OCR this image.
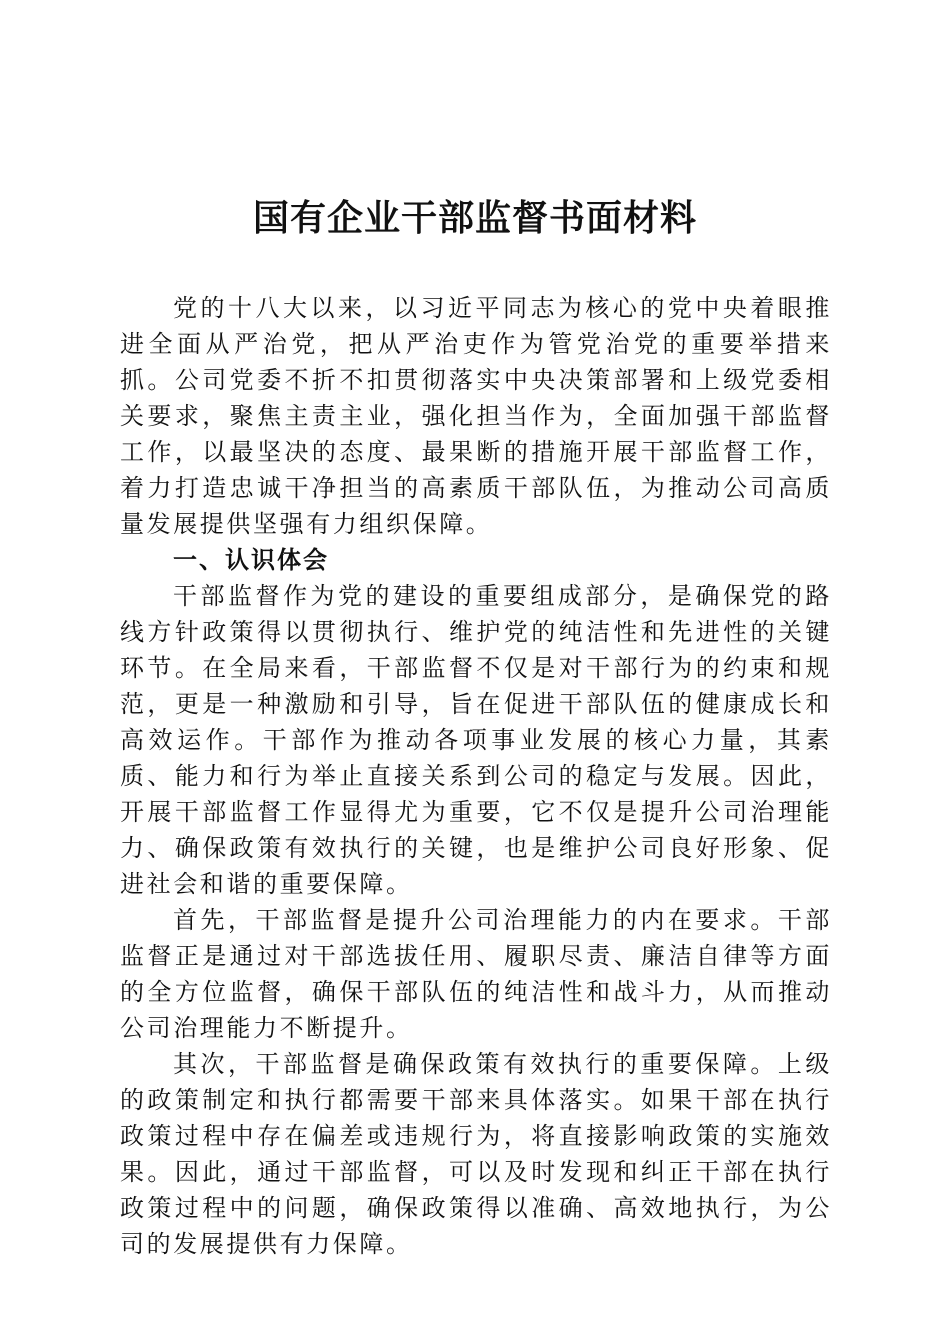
国有企业干部监督书面材料

党的十八大以来，以习近平同志为核心的党中央着眼推进全面从严治党，把从严治吏作为管党治党的重要举措来抓。公司党委不折不扣贯彻落实中央决策部署和上级党委相关要求，聚焦主责主业，强化担当作为，全面加强干部监督工作，以最坚决的态度、最果断的措施开展干部监督工作，着力打造忠诚干净担当的高素质干部队伍，为推动公司高质量发展提供坚强有力组织保障。

一、认识体会

干部监督作为党的建设的重要组成部分，是确保党的路线方针政策得以贯彻执行、维护党的纯洁性和先进性的关键环节。在全局来看，干部监督不仅是对干部行为的约束和规范，更是一种激励和引导，旨在促进干部队伍的健康成长和高效运作。干部作为推动各项事业发展的核心力量，其素质、能力和行为举止直接关系到公司的稳定与发展。因此，开展干部监督工作显得尤为重要，它不仅是提升公司治理能力、确保政策有效执行的关键，也是维护公司良好形象、促进社会和谐的重要保障。

首先，干部监督是提升公司治理能力的内在要求。干部监督正是通过对干部选拔任用、履职尽责、廉洁自律等方面的全方位监督，确保干部队伍的纯洁性和战斗力，从而推动公司治理能力不断提升。

其次，干部监督是确保政策有效执行的重要保障。上级的政策制定和执行都需要干部来具体落实。如果干部在执行政策过程中存在偏差或违规行为，将直接影响政策的实施效果。因此，通过干部监督，可以及时发现和纠正干部在执行政策过程中的问题，确保政策得以准确、高效地执行，为公司的发展提供有力保障。
